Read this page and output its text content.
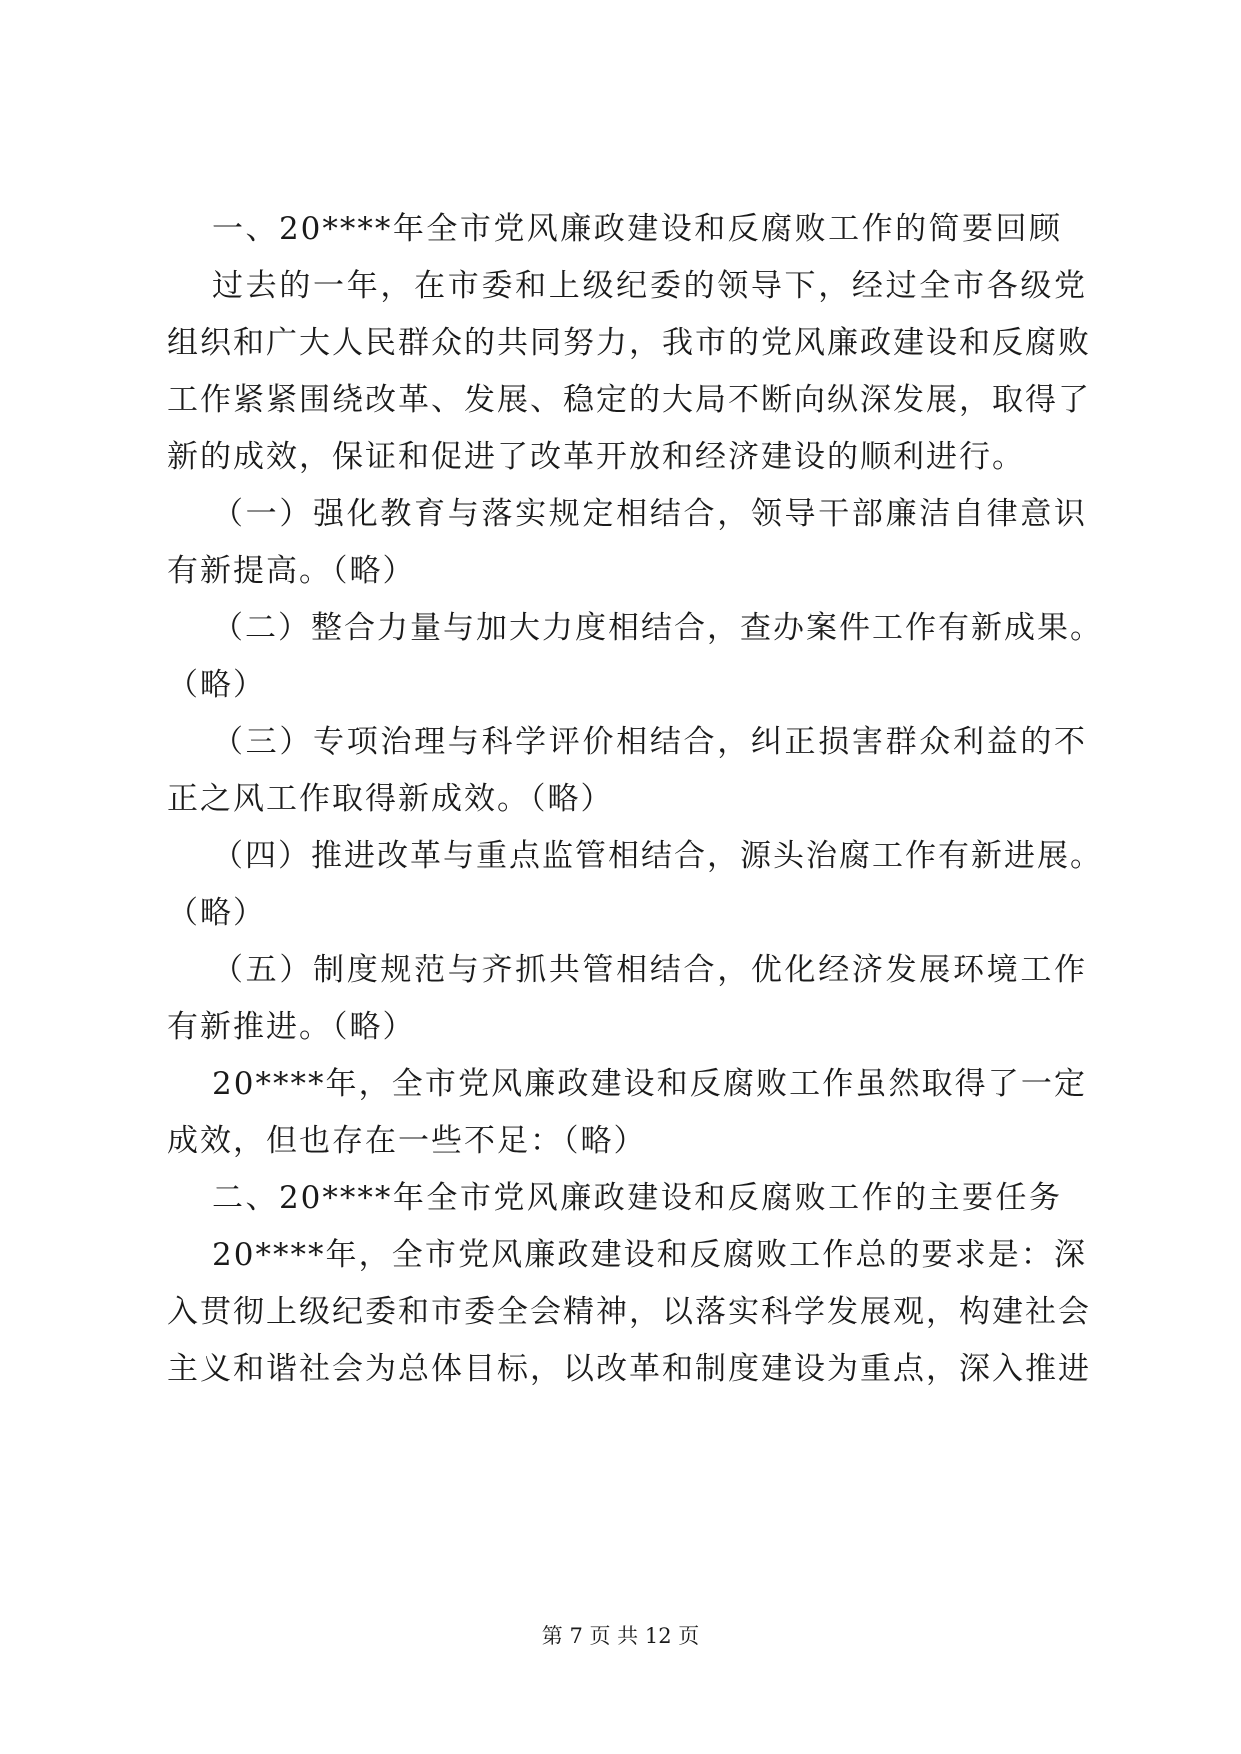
一、20****年全市党风廉政建设和反腐败工作的简要回顾
过去的一年，在市委和上级纪委的领导下，经过全市各级党
组织和广大人民群众的共同努力，我市的党风廉政建设和反腐败
工作紧紧围绕改革、发展、稳定的大局不断向纵深发展，取得了
新的成效，保证和促进了改革开放和经济建设的顺利进行。
（一）强化教育与落实规定相结合，领导干部廉洁自律意识
有新提高。（略）
（二）整合力量与加大力度相结合，查办案件工作有新成果。
（略）
（三）专项治理与科学评价相结合，纠正损害群众利益的不
正之风工作取得新成效。（略）
（四）推进改革与重点监管相结合，源头治腐工作有新进展。
（略）
（五）制度规范与齐抓共管相结合，优化经济发展环境工作
有新推进。（略）
20****年，全市党风廉政建设和反腐败工作虽然取得了一定
成效，但也存在一些不足：（略）
二、20****年全市党风廉政建设和反腐败工作的主要任务
20****年，全市党风廉政建设和反腐败工作总的要求是：深
入贯彻上级纪委和市委全会精神，以落实科学发展观，构建社会
主义和谐社会为总体目标，以改革和制度建设为重点，深入推进
第 7 页 共 12 页
